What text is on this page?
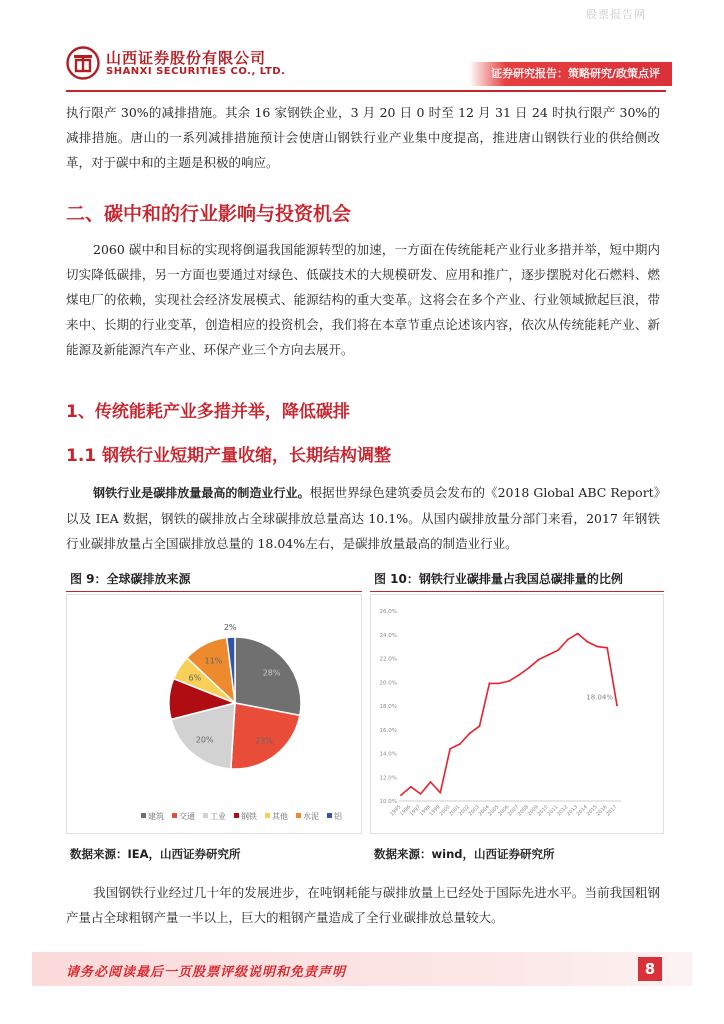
股票报告网
山西证券股份有限公司
SHANXI SECURITIES CO., LTD.	证券研究报告：策略研究/政策点评

执行限产 30%的减排措施。其余 16 家钢铁企业，3 月 20 日 0 时至 12 月 31 日 24 时执行限产 30%的减排措施。唐山的一系列减排措施预计会使唐山钢铁行业产业集中度提高，推进唐山钢铁行业的供给侧改革，对于碳中和的主题是积极的响应。

二、碳中和的行业影响与投资机会

2060 碳中和目标的实现将倒逼我国能源转型的加速，一方面在传统能耗产业行业多措并举，短中期内切实降低碳排，另一方面也要通过对绿色、低碳技术的大规模研发、应用和推广，逐步摆脱对化石燃料、燃煤电厂的依赖，实现社会经济发展模式、能源结构的重大变革。这将会在多个产业、行业领域掀起巨浪，带来中、长期的行业变革，创造相应的投资机会，我们将在本章节重点论述该内容，依次从传统能耗产业、新能源及新能源汽车产业、环保产业三个方向去展开。

1、传统能耗产业多措并举，降低碳排
1.1 钢铁行业短期产量收缩，长期结构调整

钢铁行业是碳排放量最高的制造业行业。根据世界绿色建筑委员会发布的《2018 Global ABC Report》以及 IEA 数据，钢铁的碳排放占全球碳排放总量高达 10.1%。从国内碳排放量分部门来看，2017 年钢铁行业碳排放量占全国碳排放总量的 18.04%左右，是碳排放量最高的制造业行业。

图 9：全球碳排放来源
28%
23%
20%
6%
11%
2%
建筑 交通 工业 钢铁 其他 水泥 铝
数据来源：IEA，山西证券研究所
图 10：钢铁行业碳排量占我国总碳排量的比例
10.0%
12.0%
14.0%
16.0%
18.0%
20.0%
22.0%
24.0%
26.0%
1995
1996
1997
1998
1999
2000
2001
2002
2003
2004
2005
2006
2007
2008
2009
2010
2011
2012
2013
2014
2015
2016
2017
18.04%
数据来源：wind，山西证券研究所

我国钢铁行业经过几十年的发展进步，在吨钢耗能与碳排放量上已经处于国际先进水平。当前我国粗钢产量占全球粗钢产量一半以上，巨大的粗钢产量造成了全行业碳排放总量较大。

请务必阅读最后一页股票评级说明和免责声明	8
